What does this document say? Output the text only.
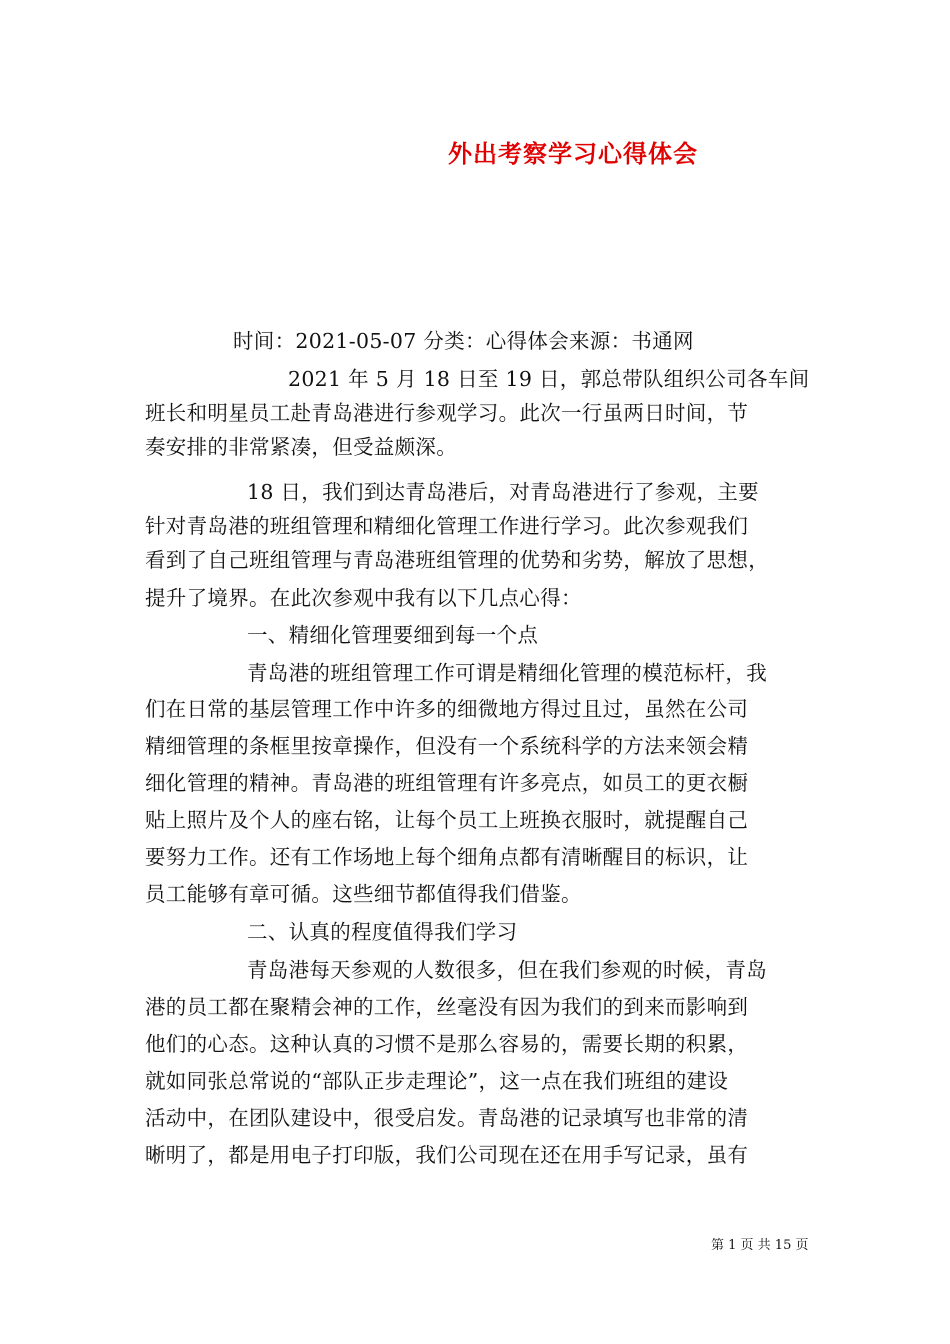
外出考察学习心得体会
时间：2021-05-07 分类：心得体会来源：书通网
2021 年 5 月 18 日至 19 日，郭总带队组织公司各车间
班长和明星员工赴青岛港进行参观学习。此次一行虽两日时间，节
奏安排的非常紧凑，但受益颇深。
18 日，我们到达青岛港后，对青岛港进行了参观，主要
针对青岛港的班组管理和精细化管理工作进行学习。此次参观我们
看到了自己班组管理与青岛港班组管理的优势和劣势，解放了思想，
提升了境界。在此次参观中我有以下几点心得：
一、精细化管理要细到每一个点
青岛港的班组管理工作可谓是精细化管理的模范标杆，我
们在日常的基层管理工作中许多的细微地方得过且过，虽然在公司
精细管理的条框里按章操作，但没有一个系统科学的方法来领会精
细化管理的精神。青岛港的班组管理有许多亮点，如员工的更衣橱
贴上照片及个人的座右铭，让每个员工上班换衣服时，就提醒自己
要努力工作。还有工作场地上每个细角点都有清晰醒目的标识，让
员工能够有章可循。这些细节都值得我们借鉴。
二、认真的程度值得我们学习
青岛港每天参观的人数很多，但在我们参观的时候，青岛
港的员工都在聚精会神的工作，丝毫没有因为我们的到来而影响到
他们的心态。这种认真的习惯不是那么容易的，需要长期的积累，
就如同张总常说的“部队正步走理论”，这一点在我们班组的建设
活动中，在团队建设中，很受启发。青岛港的记录填写也非常的清
晰明了，都是用电子打印版，我们公司现在还在用手写记录，虽有
第 1 页 共 15 页
